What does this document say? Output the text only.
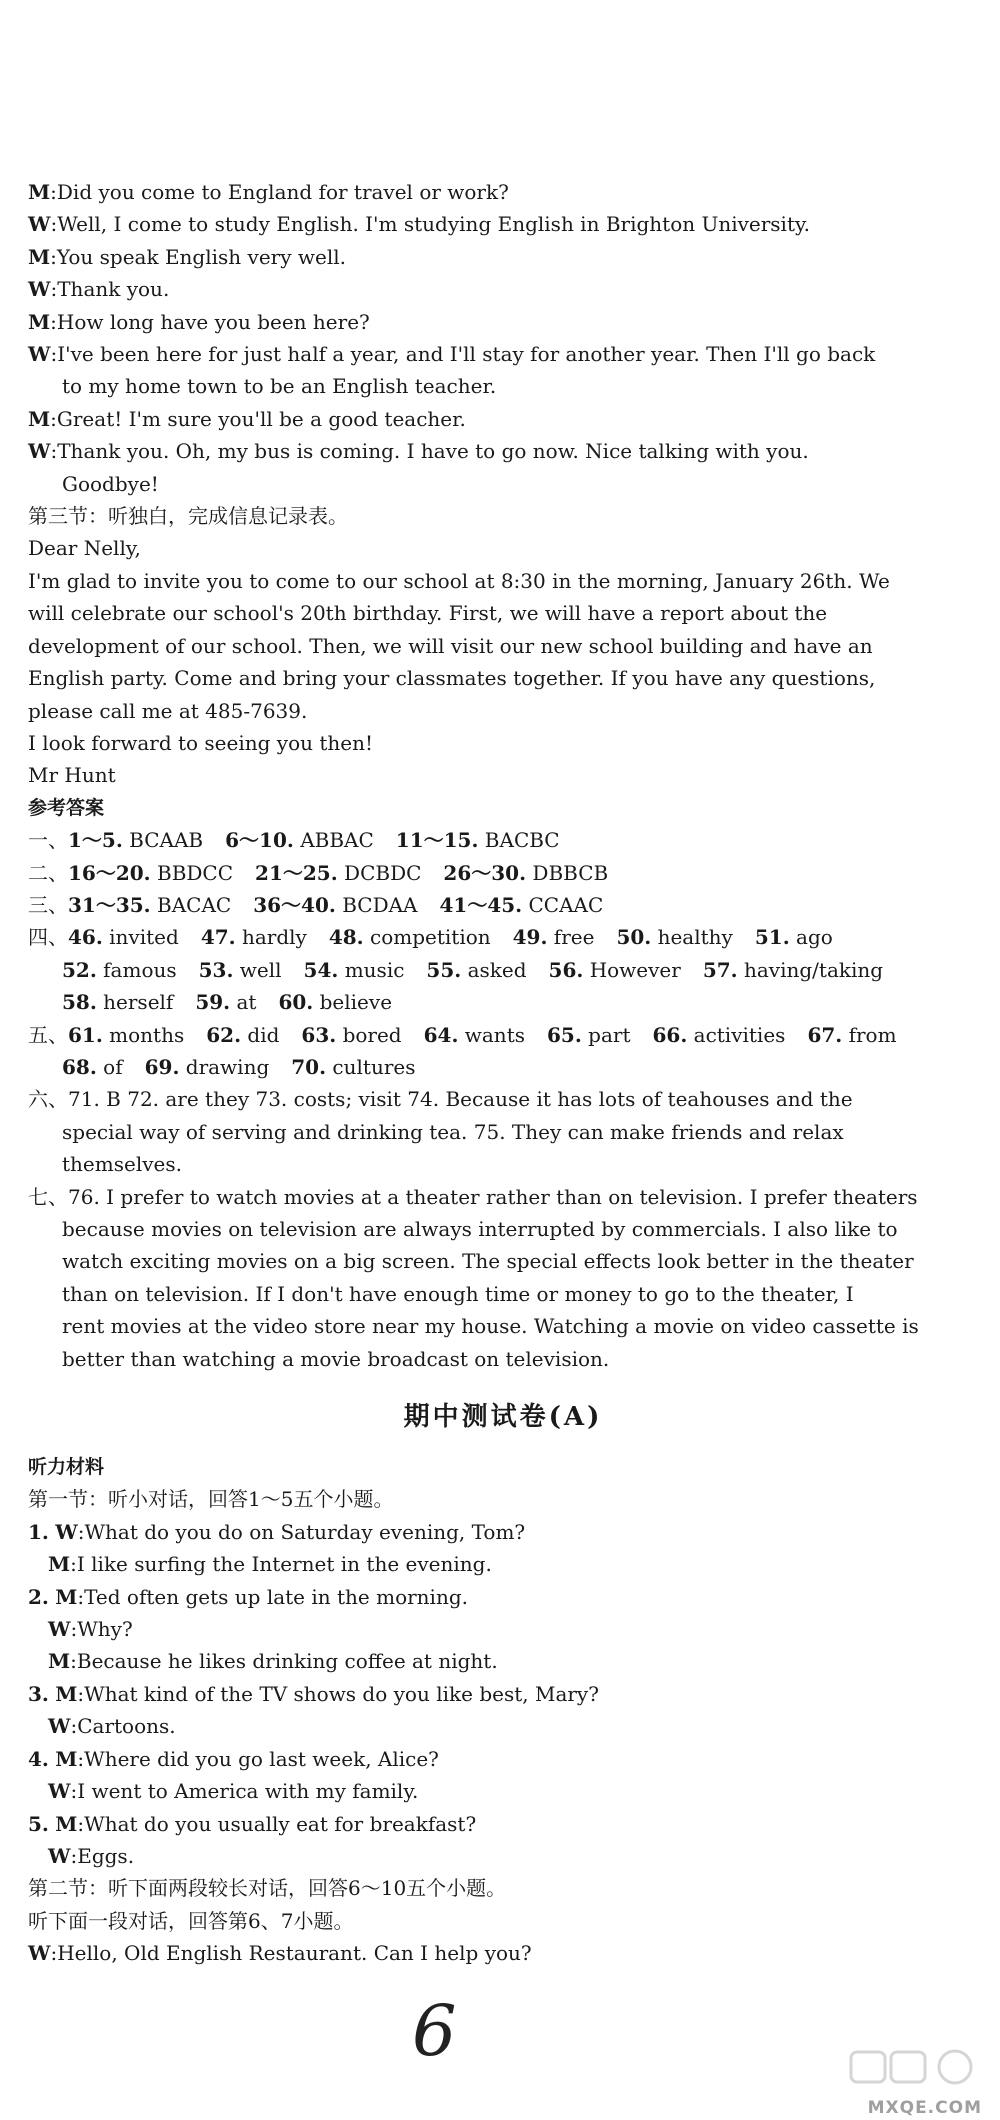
M:Did you come to England for travel or work?
W:Well, I come to study English. I'm studying English in Brighton University.
M:You speak English very well.
W:Thank you.
M:How long have you been here?
W:I've been here for just half a year, and I'll stay for another year. Then I'll go back
to my home town to be an English teacher.
M:Great! I'm sure you'll be a good teacher.
W:Thank you. Oh, my bus is coming. I have to go now. Nice talking with you.
Goodbye!
第三节：听独白，完成信息记录表。
Dear Nelly,
I'm glad to invite you to come to our school at 8:30 in the morning, January 26th. We
will celebrate our school's 20th birthday. First, we will have a report about the
development of our school. Then, we will visit our new school building and have an
English party. Come and bring your classmates together. If you have any questions,
please call me at 485-7639.
I look forward to seeing you then!
Mr Hunt
参考答案
一、1～5. BCAAB 6～10. ABBAC 11～15. BACBC
二、16～20. BBDCC 21～25. DCBDC 26～30. DBBCB
三、31～35. BACAC 36～40. BCDAA 41～45. CCAAC
四、46. invited 47. hardly 48. competition 49. free 50. healthy 51. ago
52. famous 53. well 54. music 55. asked 56. However 57. having/taking
58. herself 59. at 60. believe
五、61. months 62. did 63. bored 64. wants 65. part 66. activities 67. from
68. of 69. drawing 70. cultures
六、71. B 72. are they 73. costs; visit 74. Because it has lots of teahouses and the
special way of serving and drinking tea. 75. They can make friends and relax
themselves.
七、76. I prefer to watch movies at a theater rather than on television. I prefer theaters
because movies on television are always interrupted by commercials. I also like to
watch exciting movies on a big screen. The special effects look better in the theater
than on television. If I don't have enough time or money to go to the theater, I
rent movies at the video store near my house. Watching a movie on video cassette is
better than watching a movie broadcast on television.
期中测试卷(A)
听力材料
第一节：听小对话，回答1～5五个小题。
1. W:What do you do on Saturday evening, Tom?
M:I like surfing the Internet in the evening.
2. M:Ted often gets up late in the morning.
W:Why?
M:Because he likes drinking coffee at night.
3. M:What kind of the TV shows do you like best, Mary?
W:Cartoons.
4. M:Where did you go last week, Alice?
W:I went to America with my family.
5. M:What do you usually eat for breakfast?
W:Eggs.
第二节：听下面两段较长对话，回答6～10五个小题。
听下面一段对话，回答第6、7小题。
W:Hello, Old English Restaurant. Can I help you?
6
MXQE.COM
